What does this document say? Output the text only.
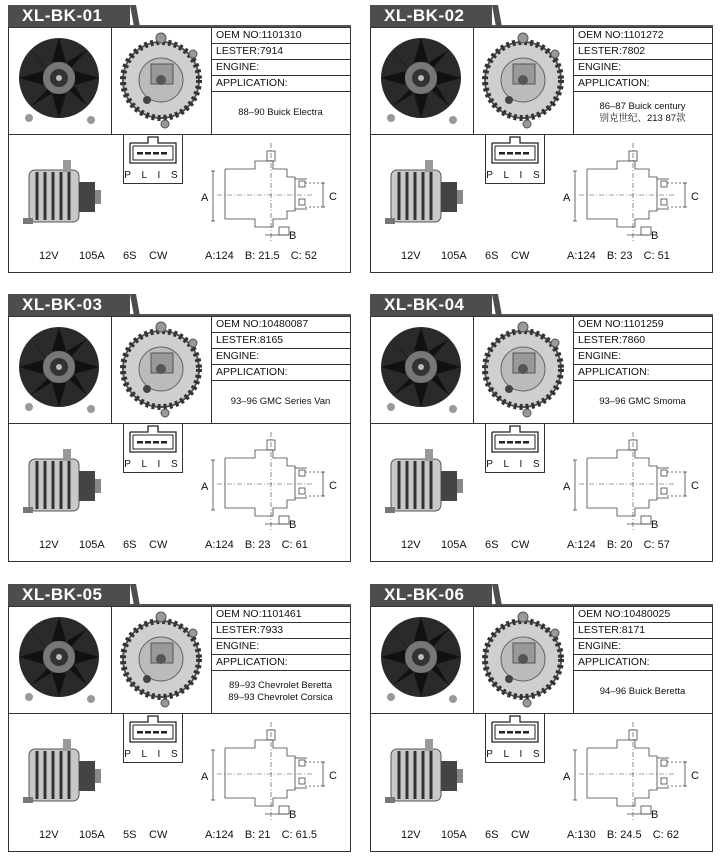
XL-BK-01
OEM NO:1101310
LESTER:7914
ENGINE:
APPLICATION:
88–90 Buick Electra
P L I S
A	C
B
12V 105A 6S CW	A:124 B: 21.5 C: 52
XL-BK-02
OEM NO:1101272
LESTER:7802
ENGINE:
APPLICATION:
86–87 Buick century
别克世纪、213 87款
P L I S
A	C
B
12V 105A 6S CW	A:124 B: 23 C: 51
XL-BK-03
OEM NO:10480087
LESTER:8165
ENGINE:
APPLICATION:
93–96 GMC Series Van
P L I S
A	C
B
12V 105A 6S CW	A:124 B: 23 C: 61
XL-BK-04
OEM NO:1101259
LESTER:7860
ENGINE:
APPLICATION:
93–96 GMC Smoma
P L I S
A	C
B
12V 105A 6S CW	A:124 B: 20 C: 57
XL-BK-05
OEM NO:1101461
LESTER:7933
ENGINE:
APPLICATION:
89–93 Chevrolet Beretta
89–93 Chevrolet Corsica
P L I S
A	C
B
12V 105A 5S CW	A:124 B: 21 C: 61.5
XL-BK-06
OEM NO:10480025
LESTER:8171
ENGINE:
APPLICATION:
94–96 Buick Beretta
P L I S
A	C
B
12V 105A 6S CW	A:130 B: 24.5 C: 62
